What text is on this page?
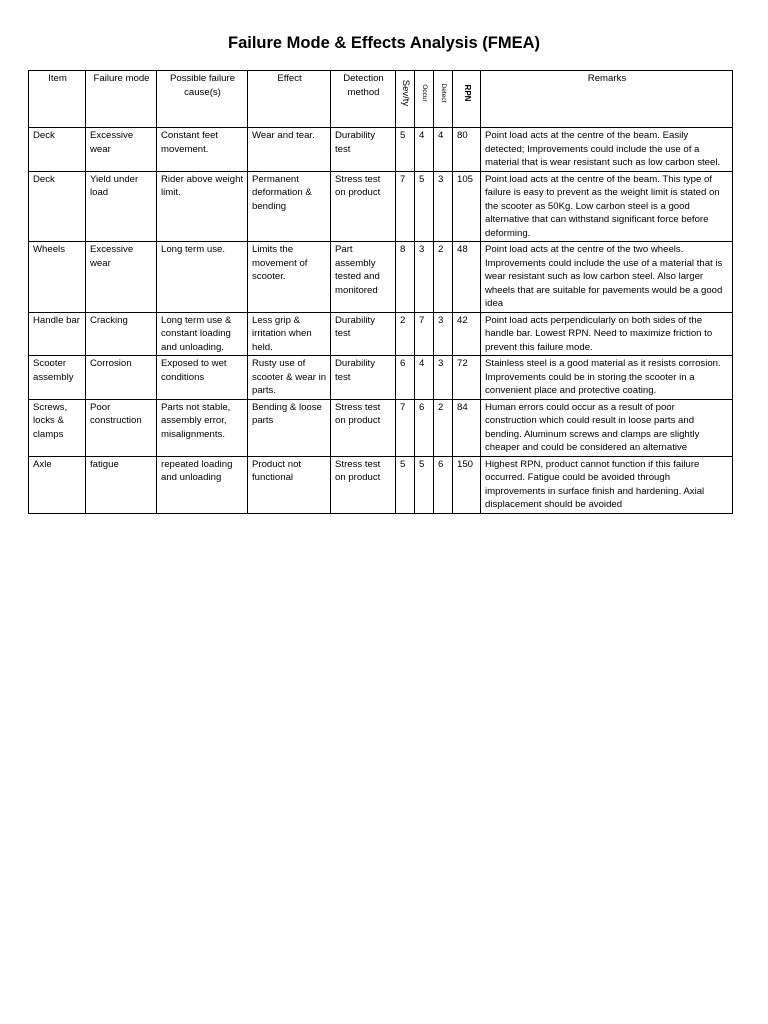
Failure Mode & Effects Analysis (FMEA)
Item	Failure mode	Possible failure cause(s)	Effect	Detection method	Sev/ty	Occur	Detect	RPN	Remarks
Deck	Excessive wear	Constant feet movement.	Wear and tear.	Durability test	5	4	4	80	Point load acts at the centre of the beam. Easily detected; Improvements could include the use of a material that is wear resistant such as low carbon steel.
Deck	Yield under load	Rider above weight limit.	Permanent deformation & bending	Stress test on product	7	5	3	105	Point load acts at the centre of the beam. This type of failure is easy to prevent as the weight limit is stated on the scooter as 50Kg. Low carbon steel is a good alternative that can withstand significant force before deforming.
Wheels	Excessive wear	Long term use.	Limits the movement of scooter.	Part assembly tested and monitored	8	3	2	48	Point load acts at the centre of the two wheels. Improvements could include the use of a material that is wear resistant such as low carbon steel. Also larger wheels that are suitable for pavements would be a good idea
Handle bar	Cracking	Long term use & constant loading and unloading.	Less grip & irritation when held.	Durability test	2	7	3	42	Point load acts perpendicularly on both sides of the handle bar. Lowest RPN. Need to maximize friction to prevent this failure mode.
Scooter assembly	Corrosion	Exposed to wet conditions	Rusty use of scooter & wear in parts.	Durability test	6	4	3	72	Stainless steel is a good material as it resists corrosion. Improvements could be in storing the scooter in a convenient place and protective coating.
Screws, locks & clamps	Poor construction	Parts not stable, assembly error, misalignments.	Bending & loose parts	Stress test on product	7	6	2	84	Human errors could occur as a result of poor construction which could result in loose parts and bending. Aluminum screws and clamps are slightly cheaper and could be considered an alternative
Axle	fatigue	repeated loading and unloading	Product not functional	Stress test on product	5	5	6	150	Highest RPN, product cannot function if this failure occurred. Fatigue could be avoided through improvements in surface finish and hardening. Axial displacement should be avoided
